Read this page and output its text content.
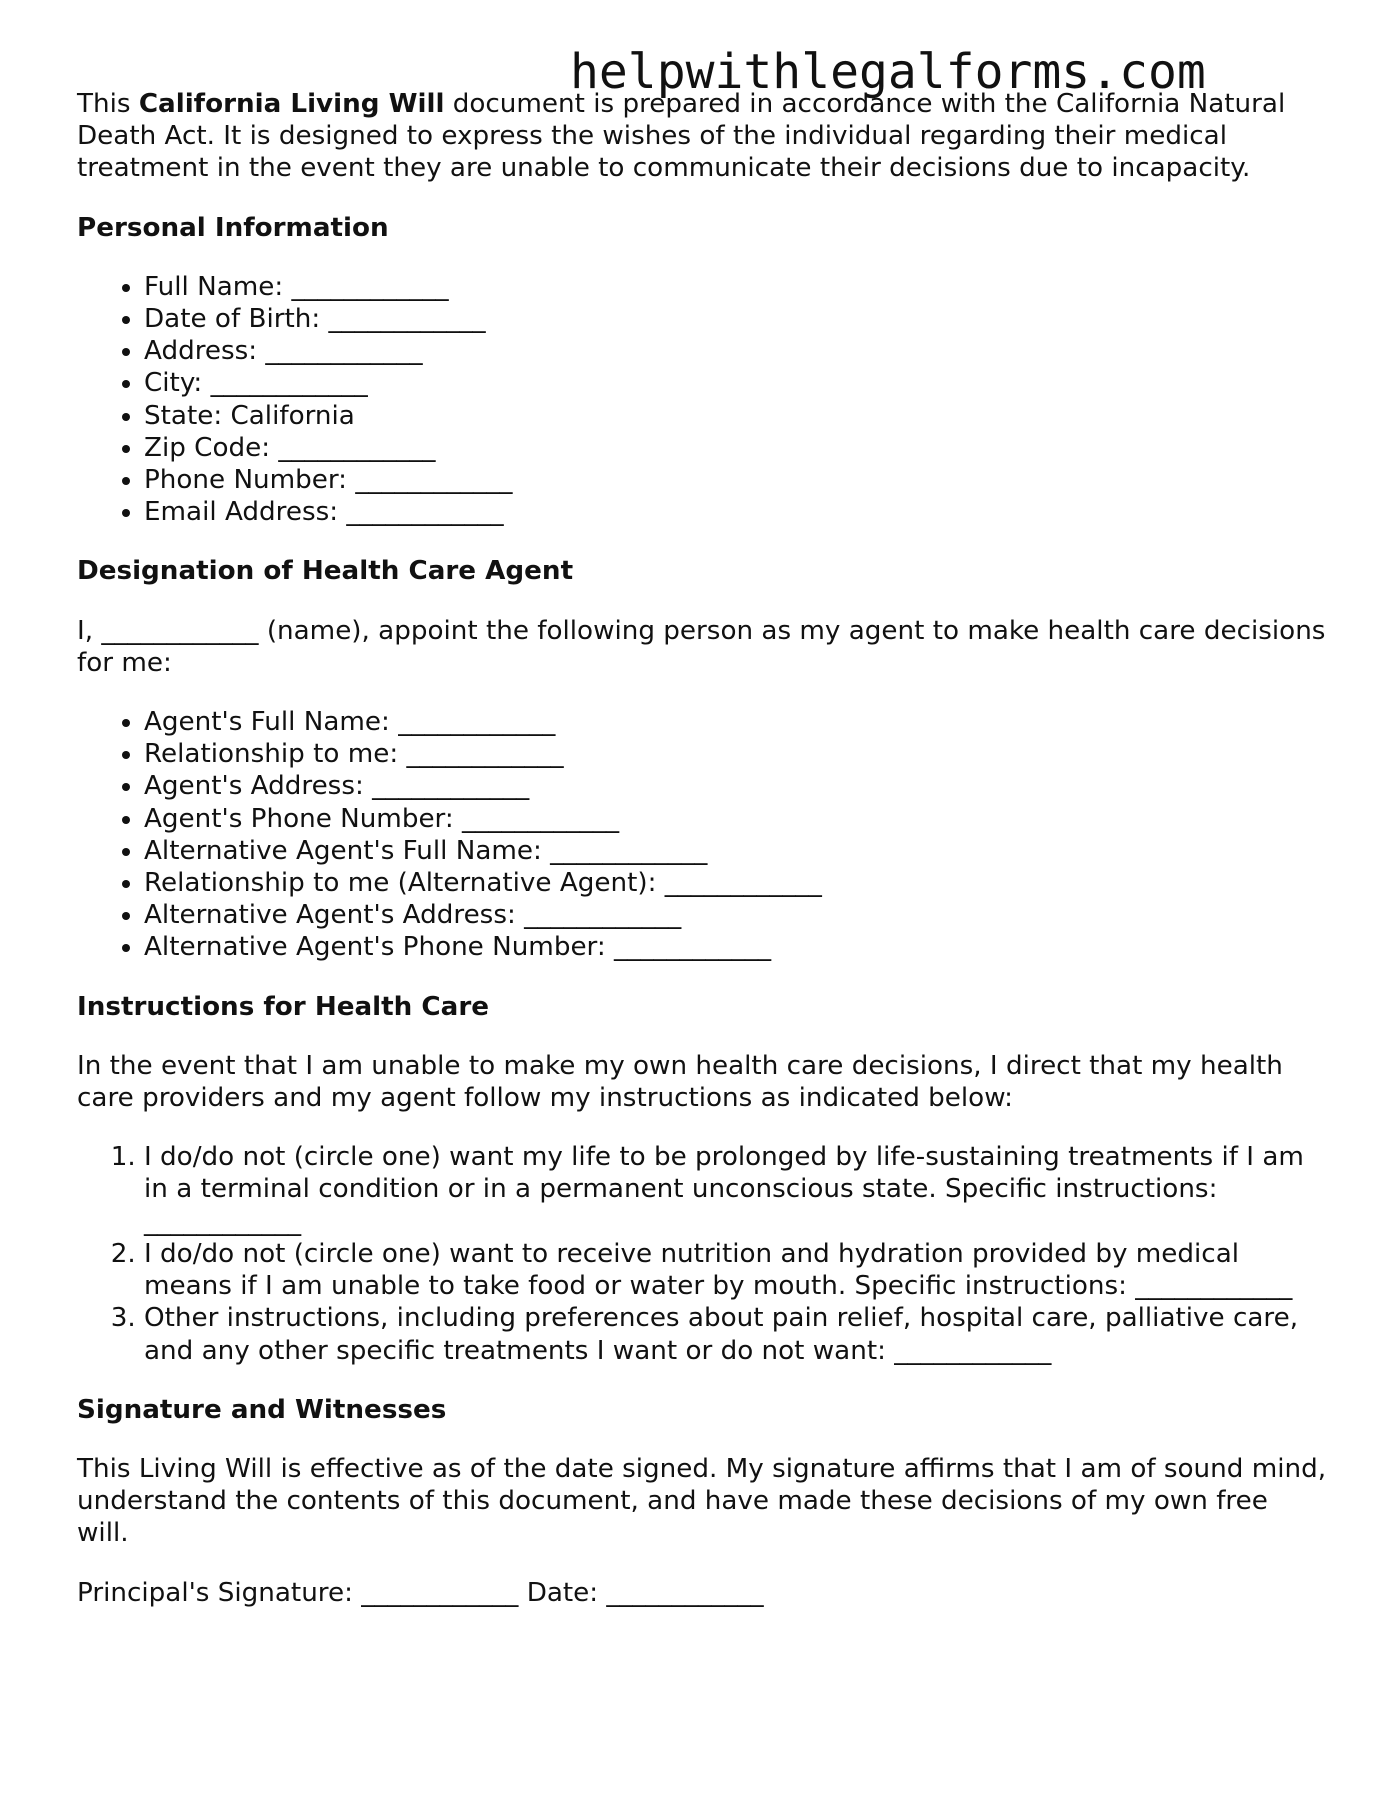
helpwithlegalforms.com

This California Living Will document is prepared in accordance with the California Natural Death Act. It is designed to express the wishes of the individual regarding their medical treatment in the event they are unable to communicate their decisions due to incapacity.

Personal Information
• Full Name: ____________
• Date of Birth: ____________
• Address: ____________
• City: ____________
• State: California
• Zip Code: ____________
• Phone Number: ____________
• Email Address: ____________
Designation of Health Care Agent

I, ____________ (name), appoint the following person as my agent to make health care decisions for me:

• Agent's Full Name: ____________
• Relationship to me: ____________
• Agent's Address: ____________
• Agent's Phone Number: ____________
• Alternative Agent's Full Name: ____________
• Relationship to me (Alternative Agent): ____________
• Alternative Agent's Address: ____________
• Alternative Agent's Phone Number: ____________
Instructions for Health Care

In the event that I am unable to make my own health care decisions, I direct that my health care providers and my agent follow my instructions as indicated below:

1. I do/do not (circle one) want my life to be prolonged by life-sustaining treatments if I am in a terminal condition or in a permanent unconscious state. Specific instructions: ____________
2. I do/do not (circle one) want to receive nutrition and hydration provided by medical means if I am unable to take food or water by mouth. Specific instructions: ____________
3. Other instructions, including preferences about pain relief, hospital care, palliative care, and any other specific treatments I want or do not want: ____________
Signature and Witnesses

This Living Will is effective as of the date signed. My signature affirms that I am of sound mind, understand the contents of this document, and have made these decisions of my own free will.

Principal's Signature: ____________ Date: ____________
